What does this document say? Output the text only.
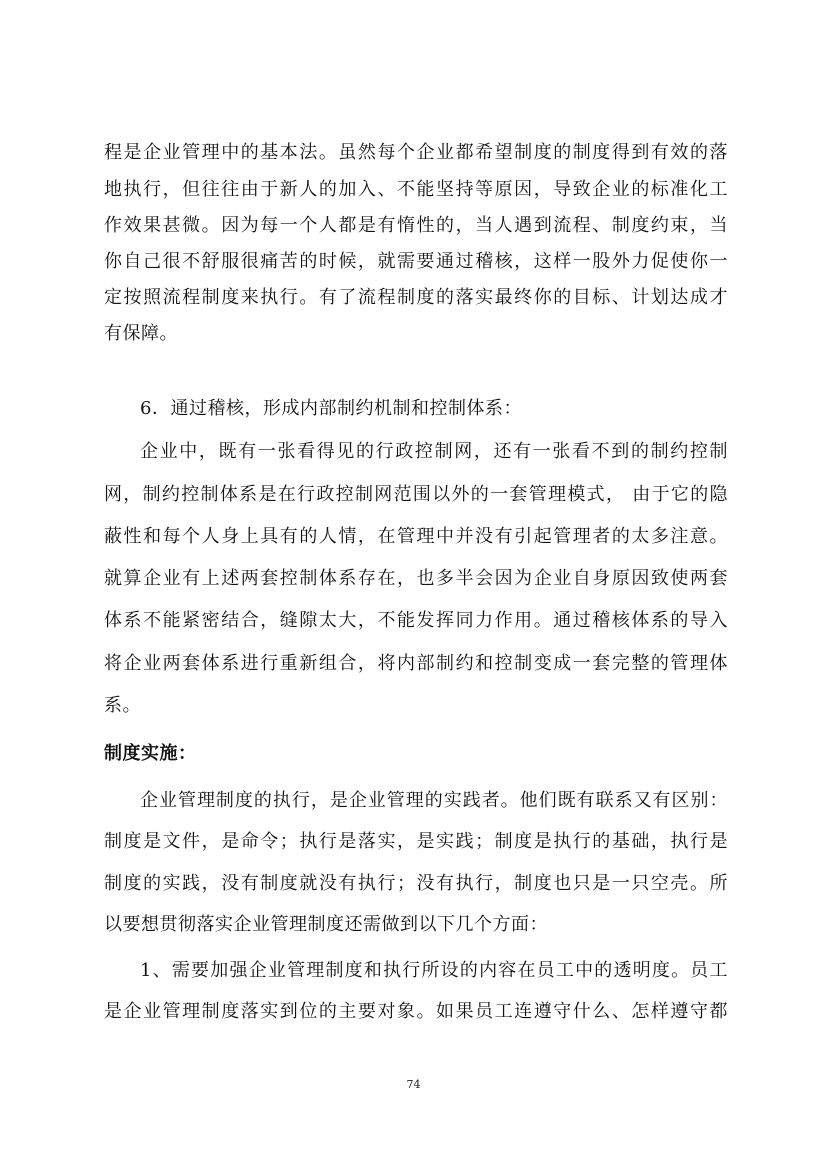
程是企业管理中的基本法。虽然每个企业都希望制度的制度得到有效的落
地执行，但往往由于新人的加入、不能坚持等原因，导致企业的标准化工
作效果甚微。因为每一个人都是有惰性的，当人遇到流程、制度约束，当
你自己很不舒服很痛苦的时候，就需要通过稽核，这样一股外力促使你一
定按照流程制度来执行。有了流程制度的落实最终你的目标、计划达成才
有保障。
6．通过稽核，形成内部制约机制和控制体系：
企业中，既有一张看得见的行政控制网，还有一张看不到的制约控制
网，制约控制体系是在行政控制网范围以外的一套管理模式， 由于它的隐
蔽性和每个人身上具有的人情，在管理中并没有引起管理者的太多注意。
就算企业有上述两套控制体系存在，也多半会因为企业自身原因致使两套
体系不能紧密结合，缝隙太大，不能发挥同力作用。通过稽核体系的导入
将企业两套体系进行重新组合，将内部制约和控制变成一套完整的管理体
系。
制度实施：
企业管理制度的执行，是企业管理的实践者。他们既有联系又有区别：
制度是文件，是命令；执行是落实，是实践；制度是执行的基础，执行是
制度的实践，没有制度就没有执行；没有执行，制度也只是一只空壳。所
以要想贯彻落实企业管理制度还需做到以下几个方面：
1、需要加强企业管理制度和执行所设的内容在员工中的透明度。员工
是企业管理制度落实到位的主要对象。如果员工连遵守什么、怎样遵守都
74
